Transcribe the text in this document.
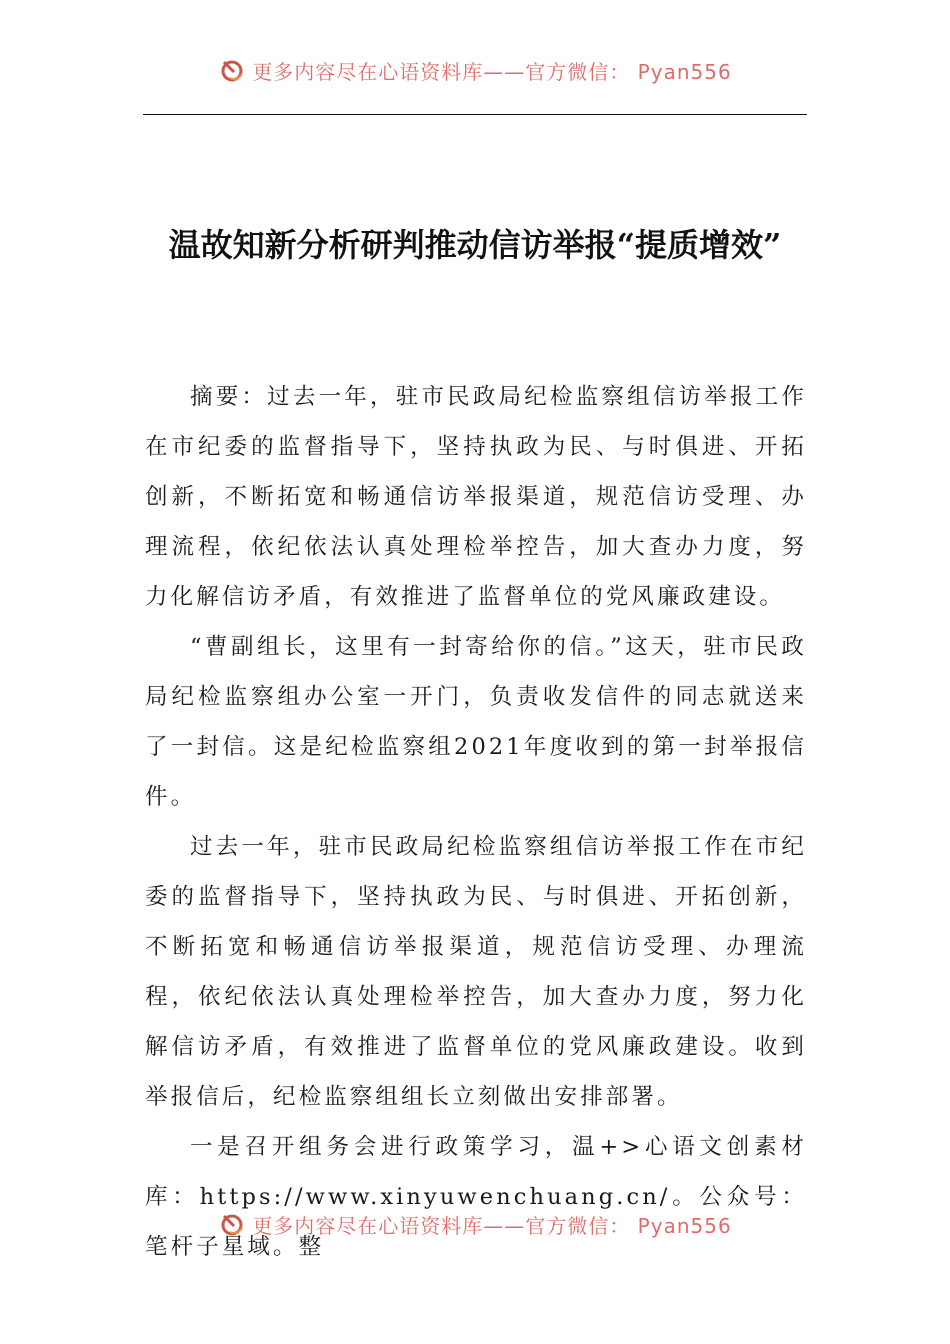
更多内容尽在心语资料库——官方微信： Pyan556
温故知新分析研判推动信访举报“提质增效”

摘要：过去一年，驻市民政局纪检监察组信访举报工作在市纪委的监督指导下，坚持执政为民、与时俱进、开拓创新，不断拓宽和畅通信访举报渠道，规范信访受理、办理流程，依纪依法认真处理检举控告，加大查办力度，努力化解信访矛盾，有效推进了监督单位的党风廉政建设。

“曹副组长，这里有一封寄给你的信。”这天，驻市民政局纪检监察组办公室一开门，负责收发信件的同志就送来了一封信。这是纪检监察组2021年度收到的第一封举报信件。

过去一年，驻市民政局纪检监察组信访举报工作在市纪委的监督指导下，坚持执政为民、与时俱进、开拓创新，不断拓宽和畅通信访举报渠道，规范信访受理、办理流程，依纪依法认真处理检举控告，加大查办力度，努力化解信访矛盾，有效推进了监督单位的党风廉政建设。收到举报信后，纪检监察组组长立刻做出安排部署。

一是召开组务会进行政策学习，温+>心语文创素材库：https://www.xinyuwenchuang.cn/。公众号：笔杆子星域。整

更多内容尽在心语资料库——官方微信： Pyan556
